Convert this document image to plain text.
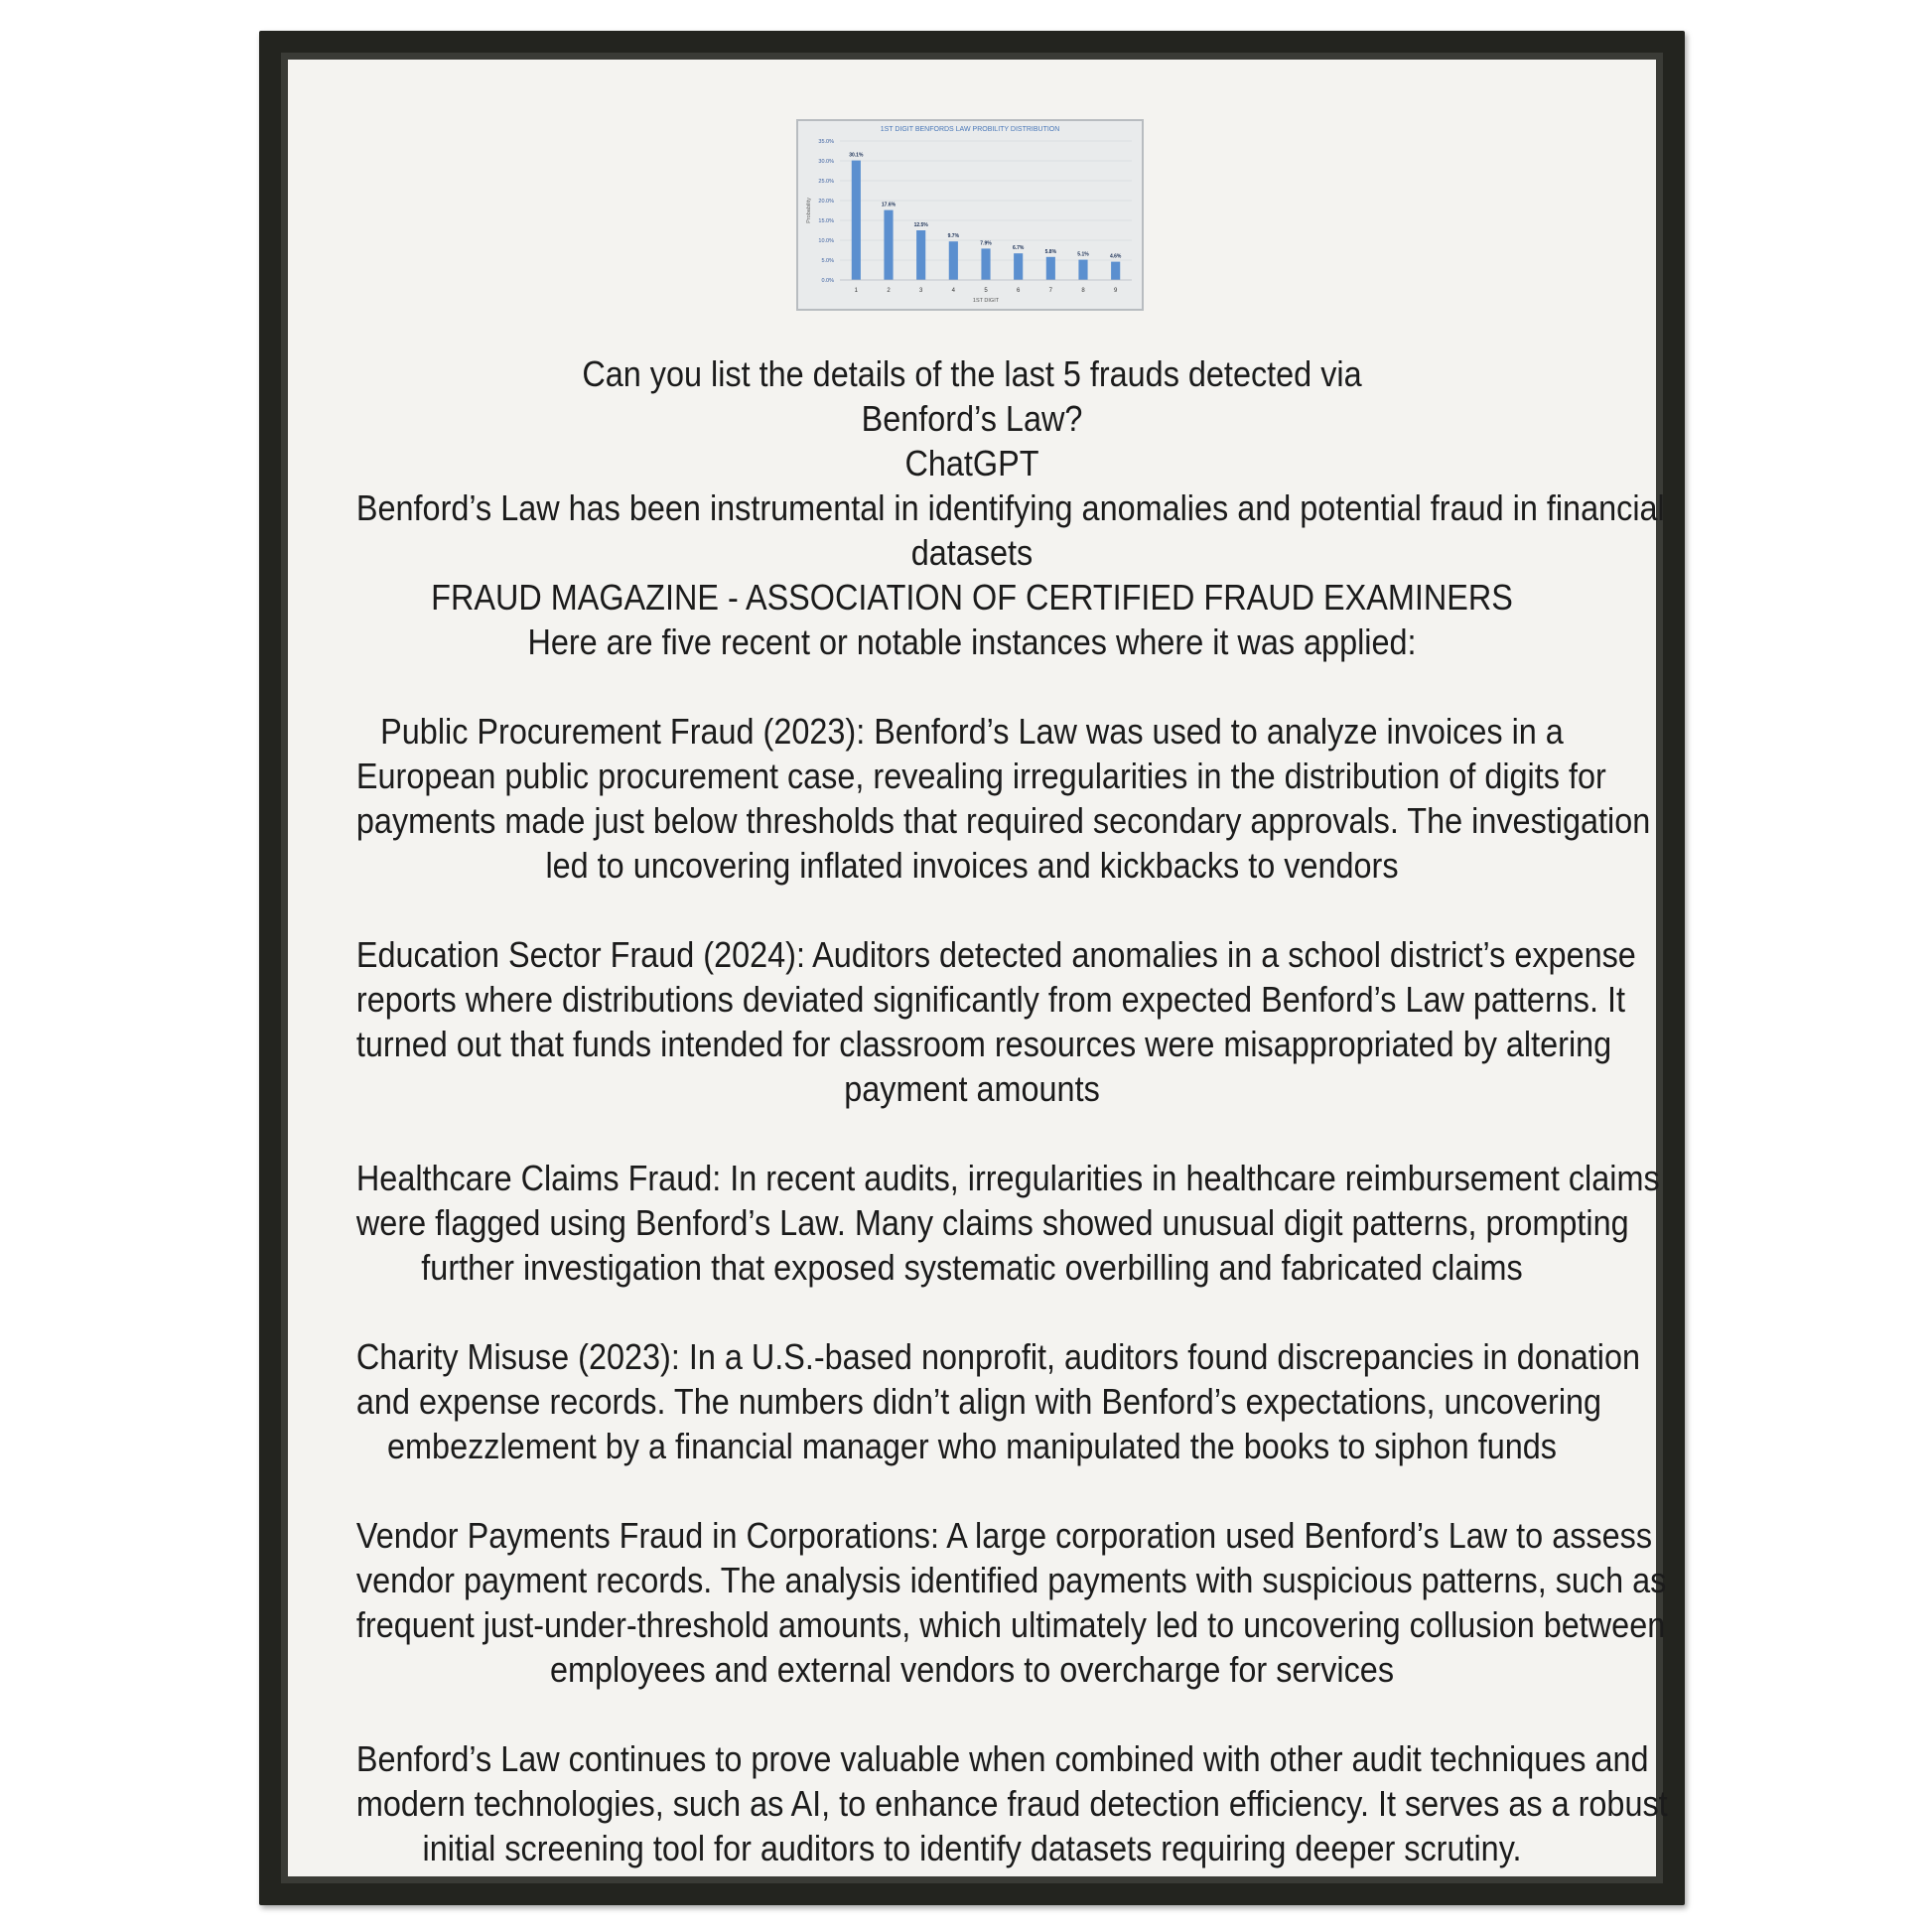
1ST DIGIT BENFORDS LAW PROBILITY DISTRIBUTION
0.0%
5.0%
10.0%
15.0%
20.0%
25.0%
30.0%
35.0%
Probability
30.1%
1
17.6%
2
12.5%
3
9.7%
4
7.9%
5
6.7%
6
5.8%
7
5.1%
8
4.6%
9
1ST DIGIT
Can you list the details of the last 5 frauds detected via
Benford’s Law?
ChatGPT
Benford’s Law has been instrumental in identifying anomalies and potential fraud in financial
datasets
FRAUD MAGAZINE - ASSOCIATION OF CERTIFIED FRAUD EXAMINERS
Here are five recent or notable instances where it was applied:
Public Procurement Fraud (2023): Benford’s Law was used to analyze invoices in a
European public procurement case, revealing irregularities in the distribution of digits for
payments made just below thresholds that required secondary approvals. The investigation
led to uncovering inflated invoices and kickbacks to vendors
Education Sector Fraud (2024): Auditors detected anomalies in a school district’s expense
reports where distributions deviated significantly from expected Benford’s Law patterns. It
turned out that funds intended for classroom resources were misappropriated by altering
payment amounts
Healthcare Claims Fraud: In recent audits, irregularities in healthcare reimbursement claims
were flagged using Benford’s Law. Many claims showed unusual digit patterns, prompting
further investigation that exposed systematic overbilling and fabricated claims
Charity Misuse (2023): In a U.S.-based nonprofit, auditors found discrepancies in donation
and expense records. The numbers didn’t align with Benford’s expectations, uncovering
embezzlement by a financial manager who manipulated the books to siphon funds
Vendor Payments Fraud in Corporations: A large corporation used Benford’s Law to assess
vendor payment records. The analysis identified payments with suspicious patterns, such as
frequent just-under-threshold amounts, which ultimately led to uncovering collusion between
employees and external vendors to overcharge for services
Benford’s Law continues to prove valuable when combined with other audit techniques and
modern technologies, such as AI, to enhance fraud detection efficiency. It serves as a robust
initial screening tool for auditors to identify datasets requiring deeper scrutiny.
